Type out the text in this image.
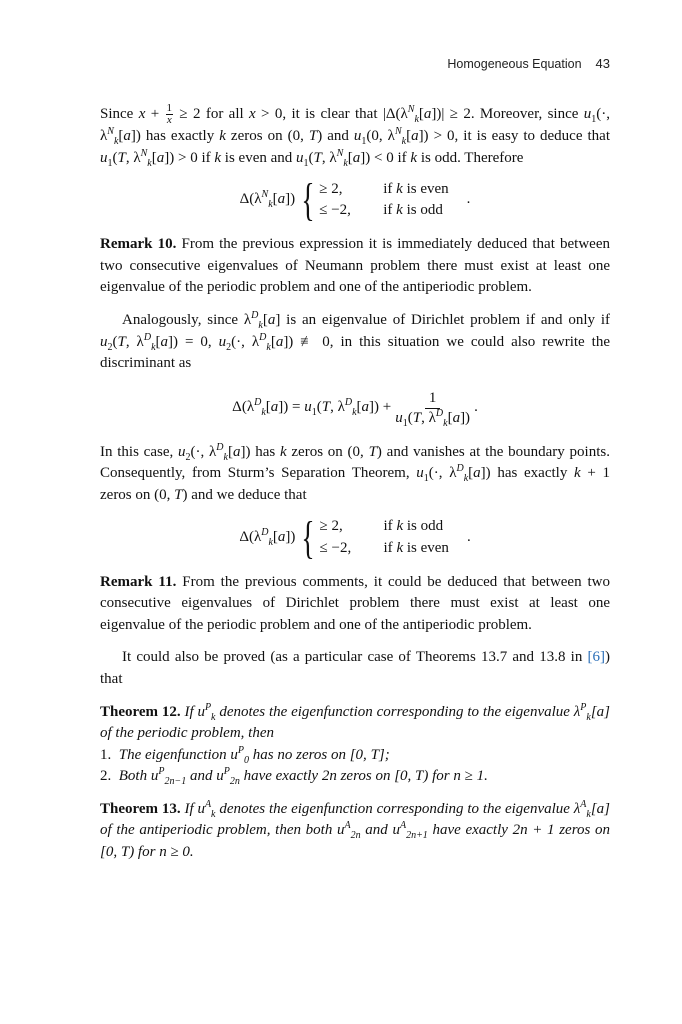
Homogeneous Equation 43

Since $x + \frac{1}{x} \ge 2$ for all x > 0, it is clear that $|\Delta(\lambda^N_k[a])| \ge 2$. Moreover, since $u_1(\cdot$, $\lambda^N_k[a]$) has exactly k zeros on (0, T) and $u_1(0$, $\lambda^N_k[a]) > 0$, it is easy to deduce that $u_1(T$, $\lambda^N_k[a]) > 0$ if k is even and $u_1(T$, $\lambda^N_k[a]) < 0$ if k is odd. Therefore

$\Delta(\lambda^N_k[a])$ { ≥ 2,	if k is even
≤ −2,	if k is odd
.

Remark 10. From the previous expression it is immediately deduced that between two consecutive eigenvalues of Neumann problem there must exist at least one eigenvalue of the periodic problem and one of the antiperiodic problem.

Analogously, since $\lambda^D_k[a]$ is an eigenvalue of Dirichlet problem if and only if $u_2(T$, $\lambda^D_k[a]) = 0$, $u_2(\cdot$, $\lambda^D_k[a]$) ≢ 0, in this situation we could also rewrite the discriminant as

$\Delta(\lambda^D_k[a]) = u_1(T$, $\lambda^D_k[a]) + \frac{1}{u_1(T, \lambda^D_k[a])}$ .

In this case, $u_2(\cdot$, $\lambda^D_k[a]$) has k zeros on (0, T) and vanishes at the boundary points. Consequently, from Sturm’s Separation Theorem, $u_1(\cdot$, $\lambda^D_k[a]$) has exactly k + 1 zeros on (0, T) and we deduce that

$\Delta(\lambda^D_k[a])$ { ≥ 2,	if k is odd
≤ −2,	if k is even
.

Remark 11. From the previous comments, it could be deduced that between two consecutive eigenvalues of Dirichlet problem there must exist at least one eigenvalue of the periodic problem and one of the antiperiodic problem.

It could also be proved (as a particular case of Theorems 13.7 and 13.8 in [6]) that

Theorem 12. If $u^P_k$ denotes the eigenfunction corresponding to the eigenvalue $\lambda^P_k[a]$ of the periodic problem, then

1.  The eigenfunction $u^P_0$ has no zeros on [0, T];

2.  Both $u^P_{2n-1}$ and $u^P_{2n}$ have exactly 2n zeros on [0, T) for n ≥ 1.

Theorem 13. If $u^A_k$ denotes the eigenfunction corresponding to the eigenvalue $\lambda^A_k[a]$ of the antiperiodic problem, then both $u^A_{2n}$ and $u^A_{2n+1}$ have exactly 2n + 1 zeros on [0, T) for n ≥ 0.
